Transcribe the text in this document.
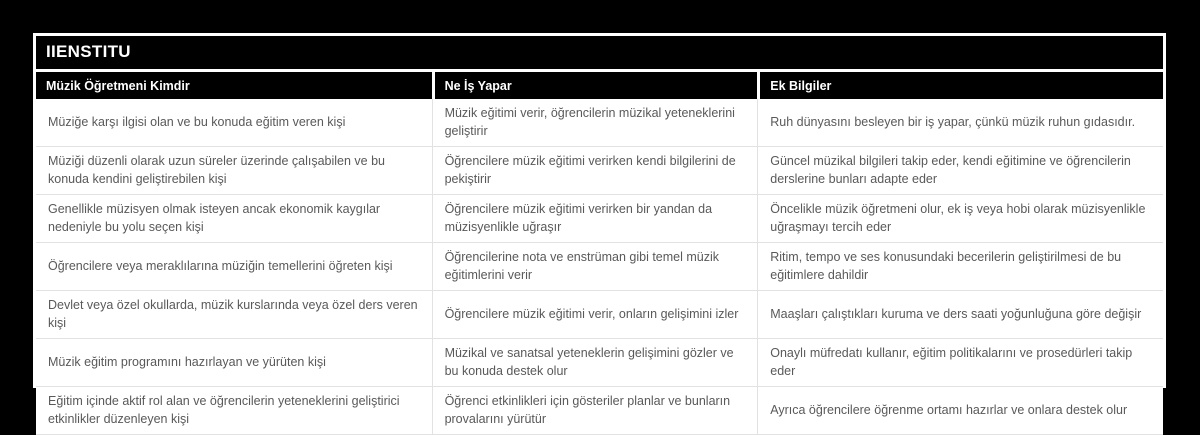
IIENSTITU
Müzik Öğretmeni Kimdir	Ne İş Yapar	Ek Bilgiler
Müziğe karşı ilgisi olan ve bu konuda eğitim veren kişi	Müzik eğitimi verir, öğrencilerin müzikal yeteneklerini geliştirir	Ruh dünyasını besleyen bir iş yapar, çünkü müzik ruhun gıdasıdır.
Müziği düzenli olarak uzun süreler üzerinde çalışabilen ve bu konuda kendini geliştirebilen kişi	Öğrencilere müzik eğitimi verirken kendi bilgilerini de pekiştirir	Güncel müzikal bilgileri takip eder, kendi eğitimine ve öğrencilerin derslerine bunları adapte eder
Genellikle müzisyen olmak isteyen ancak ekonomik kaygılar nedeniyle bu yolu seçen kişi	Öğrencilere müzik eğitimi verirken bir yandan da müzisyenlikle uğraşır	Öncelikle müzik öğretmeni olur, ek iş veya hobi olarak müzisyenlikle uğraşmayı tercih eder
Öğrencilere veya meraklılarına müziğin temellerini öğreten kişi	Öğrencilerine nota ve enstrüman gibi temel müzik eğitimlerini verir	Ritim, tempo ve ses konusundaki becerilerin geliştirilmesi de bu eğitimlere dahildir
Devlet veya özel okullarda, müzik kurslarında veya özel ders veren kişi	Öğrencilere müzik eğitimi verir, onların gelişimini izler	Maaşları çalıştıkları kuruma ve ders saati yoğunluğuna göre değişir
Müzik eğitim programını hazırlayan ve yürüten kişi	Müzikal ve sanatsal yeteneklerin gelişimini gözler ve bu konuda destek olur	Onaylı müfredatı kullanır, eğitim politikalarını ve prosedürleri takip eder
Eğitim içinde aktif rol alan ve öğrencilerin yeteneklerini geliştirici etkinlikler düzenleyen kişi	Öğrenci etkinlikleri için gösteriler planlar ve bunların provalarını yürütür	Ayrıca öğrencilere öğrenme ortamı hazırlar ve onlara destek olur
